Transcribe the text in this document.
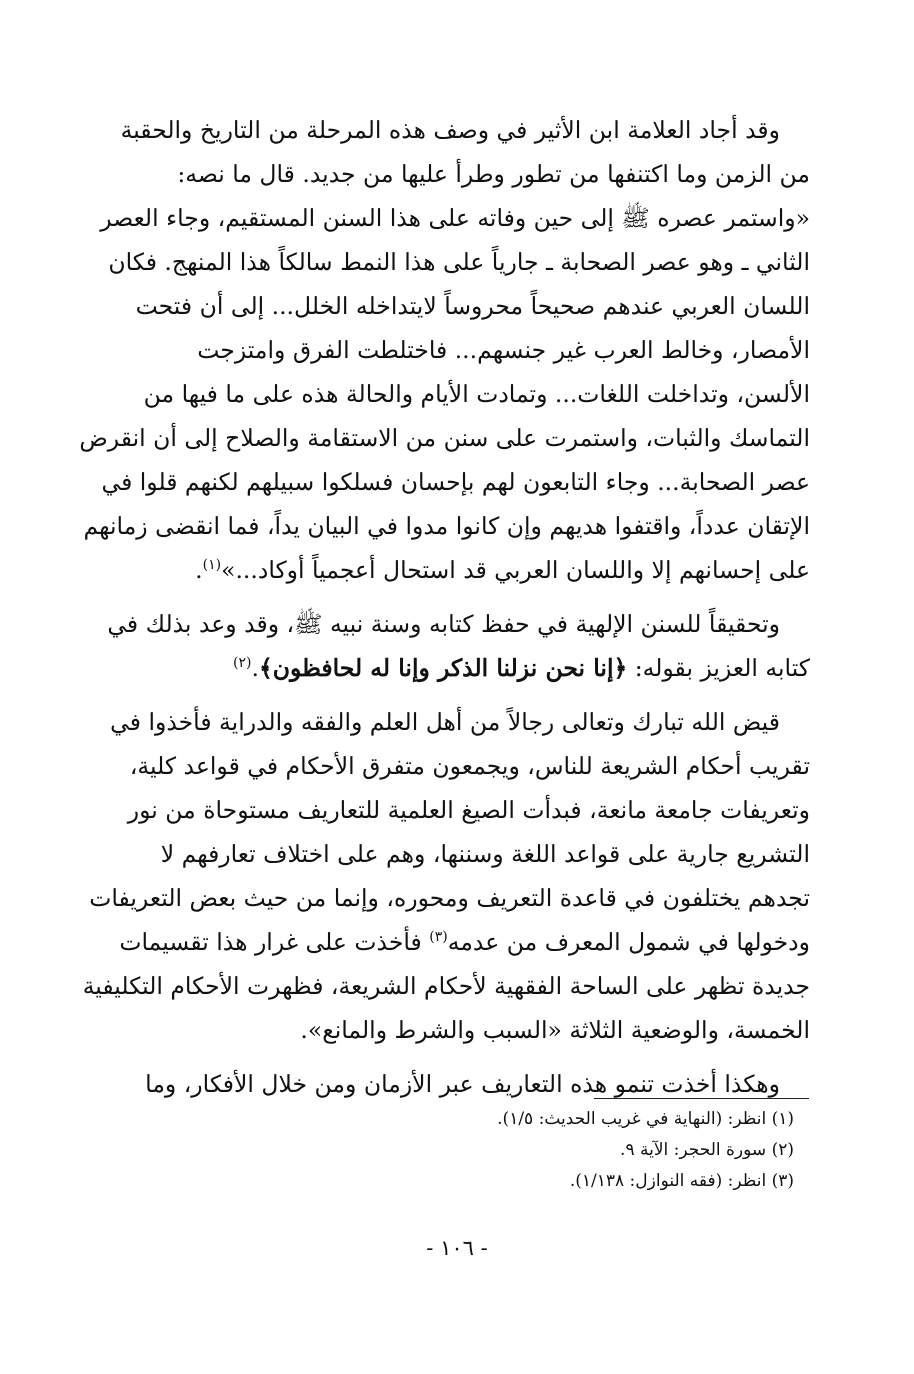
وقد أجاد العلامة ابن الأثير في وصف هذه المرحلة من التاريخ والحقبة
من الزمن وما اكتنفها من تطور وطرأ عليها من جديد. قال ما نصه:
«واستمر عصره ﷺ إلى حين وفاته على هذا السنن المستقيم، وجاء العصر
الثاني ـ وهو عصر الصحابة ـ جارياً على هذا النمط سالكاً هذا المنهج. فكان
اللسان العربي عندهم صحيحاً محروساً لايتداخله الخلل... إلى أن فتحت
الأمصار، وخالط العرب غير جنسهم... فاختلطت الفرق وامتزجت
الألسن، وتداخلت اللغات... وتمادت الأيام والحالة هذه على ما فيها من
التماسك والثبات، واستمرت على سنن من الاستقامة والصلاح إلى أن انقرض
عصر الصحابة... وجاء التابعون لهم بإحسان فسلكوا سبيلهم لكنهم قلوا في
الإتقان عدداً، واقتفوا هديهم وإن كانوا مدوا في البيان يداً، فما انقضى زمانهم
على إحسانهم إلا واللسان العربي قد استحال أعجمياً أوكاد...»$^{(١)}$.

وتحقيقاً للسنن الإلهية في حفظ كتابه وسنة نبيه ﷺ، وقد وعد بذلك في
كتابه العزيز بقوله: ﴿إنا نحن نزلنا الذكر وإنا له لحافظون﴾.$^{(٢)}$

قيض الله تبارك وتعالى رجالاً من أهل العلم والفقه والدراية فأخذوا في
تقريب أحكام الشريعة للناس، ويجمعون متفرق الأحكام في قواعد كلية،
وتعريفات جامعة مانعة، فبدأت الصيغ العلمية للتعاريف مستوحاة من نور
التشريع جارية على قواعد اللغة وسننها، وهم على اختلاف تعارفهم لا
تجدهم يختلفون في قاعدة التعريف ومحوره، وإنما من حيث بعض التعريفات
ودخولها في شمول المعرف من عدمه$^{(٣)}$ فأخذت على غرار هذا تقسيمات
جديدة تظهر على الساحة الفقهية لأحكام الشريعة، فظهرت الأحكام التكليفية
الخمسة، والوضعية الثلاثة «السبب والشرط والمانع».

وهكذا أخذت تنمو هذه التعاريف عبر الأزمان ومن خلال الأفكار، وما

(١) انظر: (النهاية في غريب الحديث: ١/٥).
(٢) سورة الحجر: الآية ٩.
(٣) انظر: (فقه النوازل: ١/١٣٨).
- ١٠٦ -
